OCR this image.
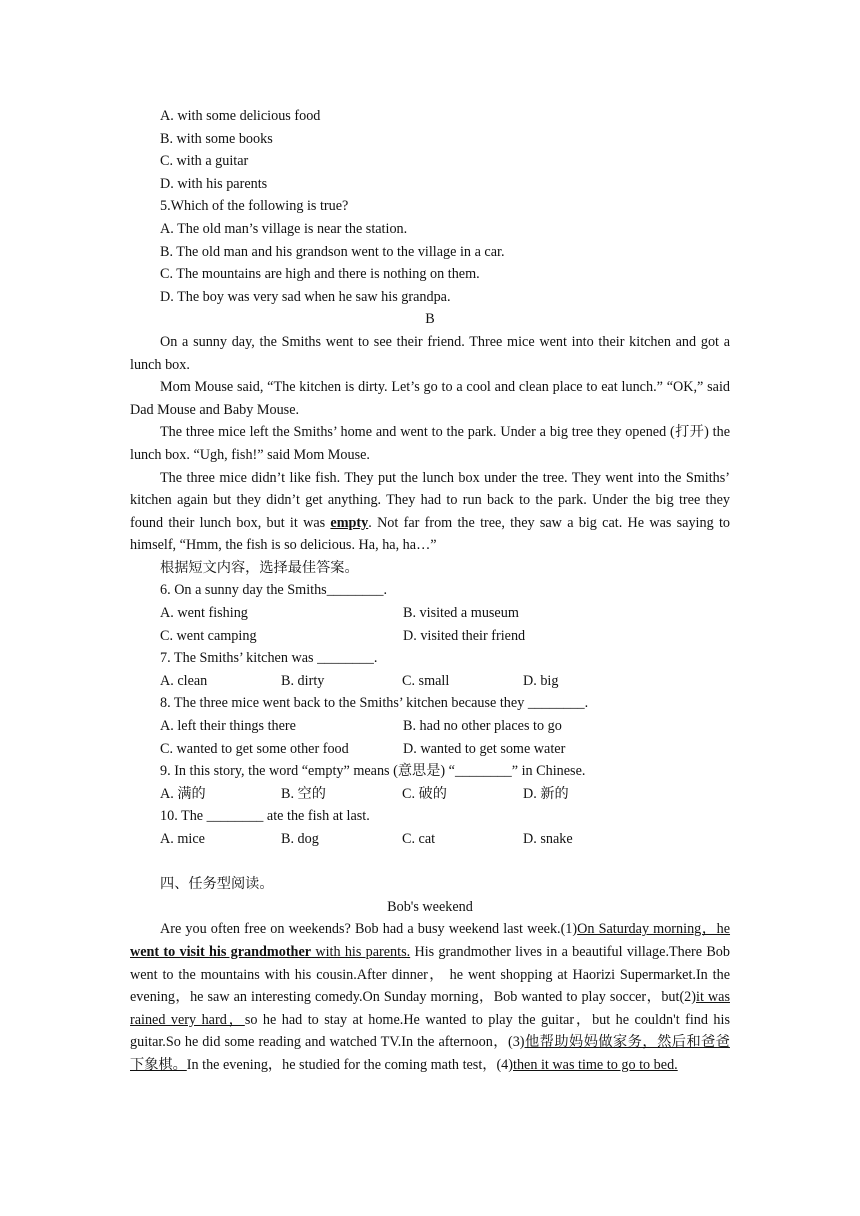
A. with some delicious food

B. with some books

C. with a guitar

D. with his parents

5.Which of the following is true?

A. The old man’s village is near the station.

B. The old man and his grandson went to the village in a car.

C. The mountains are high and there is nothing on them.

D. The boy was very sad when he saw his grandpa.

B

On a sunny day, the Smiths went to see their friend. Three mice went into their kitchen and got a lunch box.

Mom Mouse said, “The kitchen is dirty. Let’s go to a cool and clean place to eat lunch.” “OK,” said Dad Mouse and Baby Mouse.

The three mice left the Smiths’ home and went to the park. Under a big tree they opened (打开) the lunch box. “Ugh, fish!” said Mom Mouse.

The three mice didn’t like fish. They put the lunch box under the tree. They went into the Smiths’ kitchen again but they didn’t get anything. They had to run back to the park. Under the big tree they found their lunch box, but it was empty. Not far from the tree, they saw a big cat. He was saying to himself, “Hmm, the fish is so delicious. Ha, ha, ha…”

根据短文内容，选择最佳答案。

6. On a sunny day the Smiths________.

A. went fishing	B. visited a museum
C. went camping	D. visited their friend

7. The Smiths’ kitchen was ________.

A. clean	B. dirty	C. small	D. big

8. The three mice went back to the Smiths’ kitchen because they ________.

A. left their things there	B. had no other places to go
C. wanted to get some other food	D. wanted to get some water

9. In this story, the word “empty” means (意思是) “________” in Chinese.

A. 满的	B. 空的	C. 破的	D. 新的

10. The ________ ate the fish at last.

A. mice	B. dog	C. cat	D. snake

四、任务型阅读。

Bob's weekend

Are you often free on weekends? Bob had a busy weekend last week.(1)On Saturday morning，he went to visit his grandmother with his parents. His grandmother lives in a beautiful village.There Bob went to the mountains with his cousin.After dinner， he went shopping at Haorizi Supermarket.In the evening，he saw an interesting comedy.On Sunday morning，Bob wanted to play soccer，but(2)it was rained very hard，so he had to stay at home.He wanted to play the guitar，but he couldn't find his guitar.So he did some reading and watched TV.In the afternoon，(3)他帮助妈妈做家务，然后和爸爸下象棋。In the evening，he studied for the coming math test，(4)then it was time to go to bed.
